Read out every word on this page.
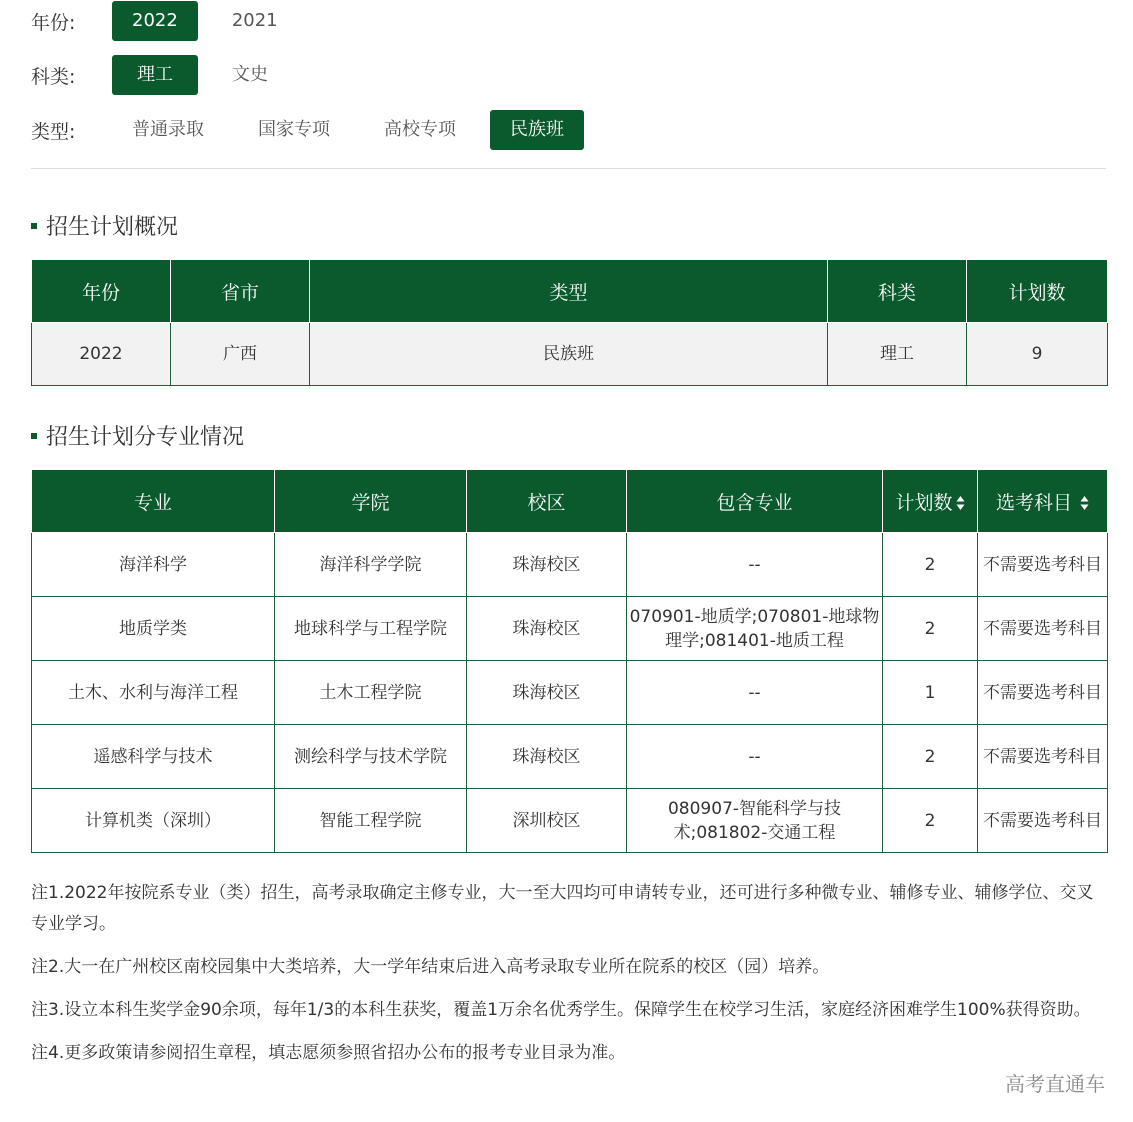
年份:	2022	2021
科类:	理工	文史
类型:	普通录取	国家专项	高校专项	民族班
招生计划概况
年份	省市	类型	科类	计划数
2022	广西	民族班	理工	9
招生计划分专业情况
专业	学院	校区	包含专业	计划数	选考科目
海洋科学	海洋科学学院	珠海校区	--	2	不需要选考科目
地质学类	地球科学与工程学院	珠海校区	070901-地质学;070801-地球物理学;081401-地质工程	2	不需要选考科目
土木、水利与海洋工程	土木工程学院	珠海校区	--	1	不需要选考科目
遥感科学与技术	测绘科学与技术学院	珠海校区	--	2	不需要选考科目
计算机类（深圳）	智能工程学院	深圳校区	080907-智能科学与技术;081802-交通工程	2	不需要选考科目

注1.2022年按院系专业（类）招生，高考录取确定主修专业，大一至大四均可申请转专业，还可进行多种微专业、辅修专业、辅修学位、交叉专业学习。

注2.大一在广州校区南校园集中大类培养，大一学年结束后进入高考录取专业所在院系的校区（园）培养。

注3.设立本科生奖学金90余项，每年1/3的本科生获奖，覆盖1万余名优秀学生。保障学生在校学习生活，家庭经济困难学生100%获得资助。

注4.更多政策请参阅招生章程，填志愿须参照省招办公布的报考专业目录为准。

高考直通车
